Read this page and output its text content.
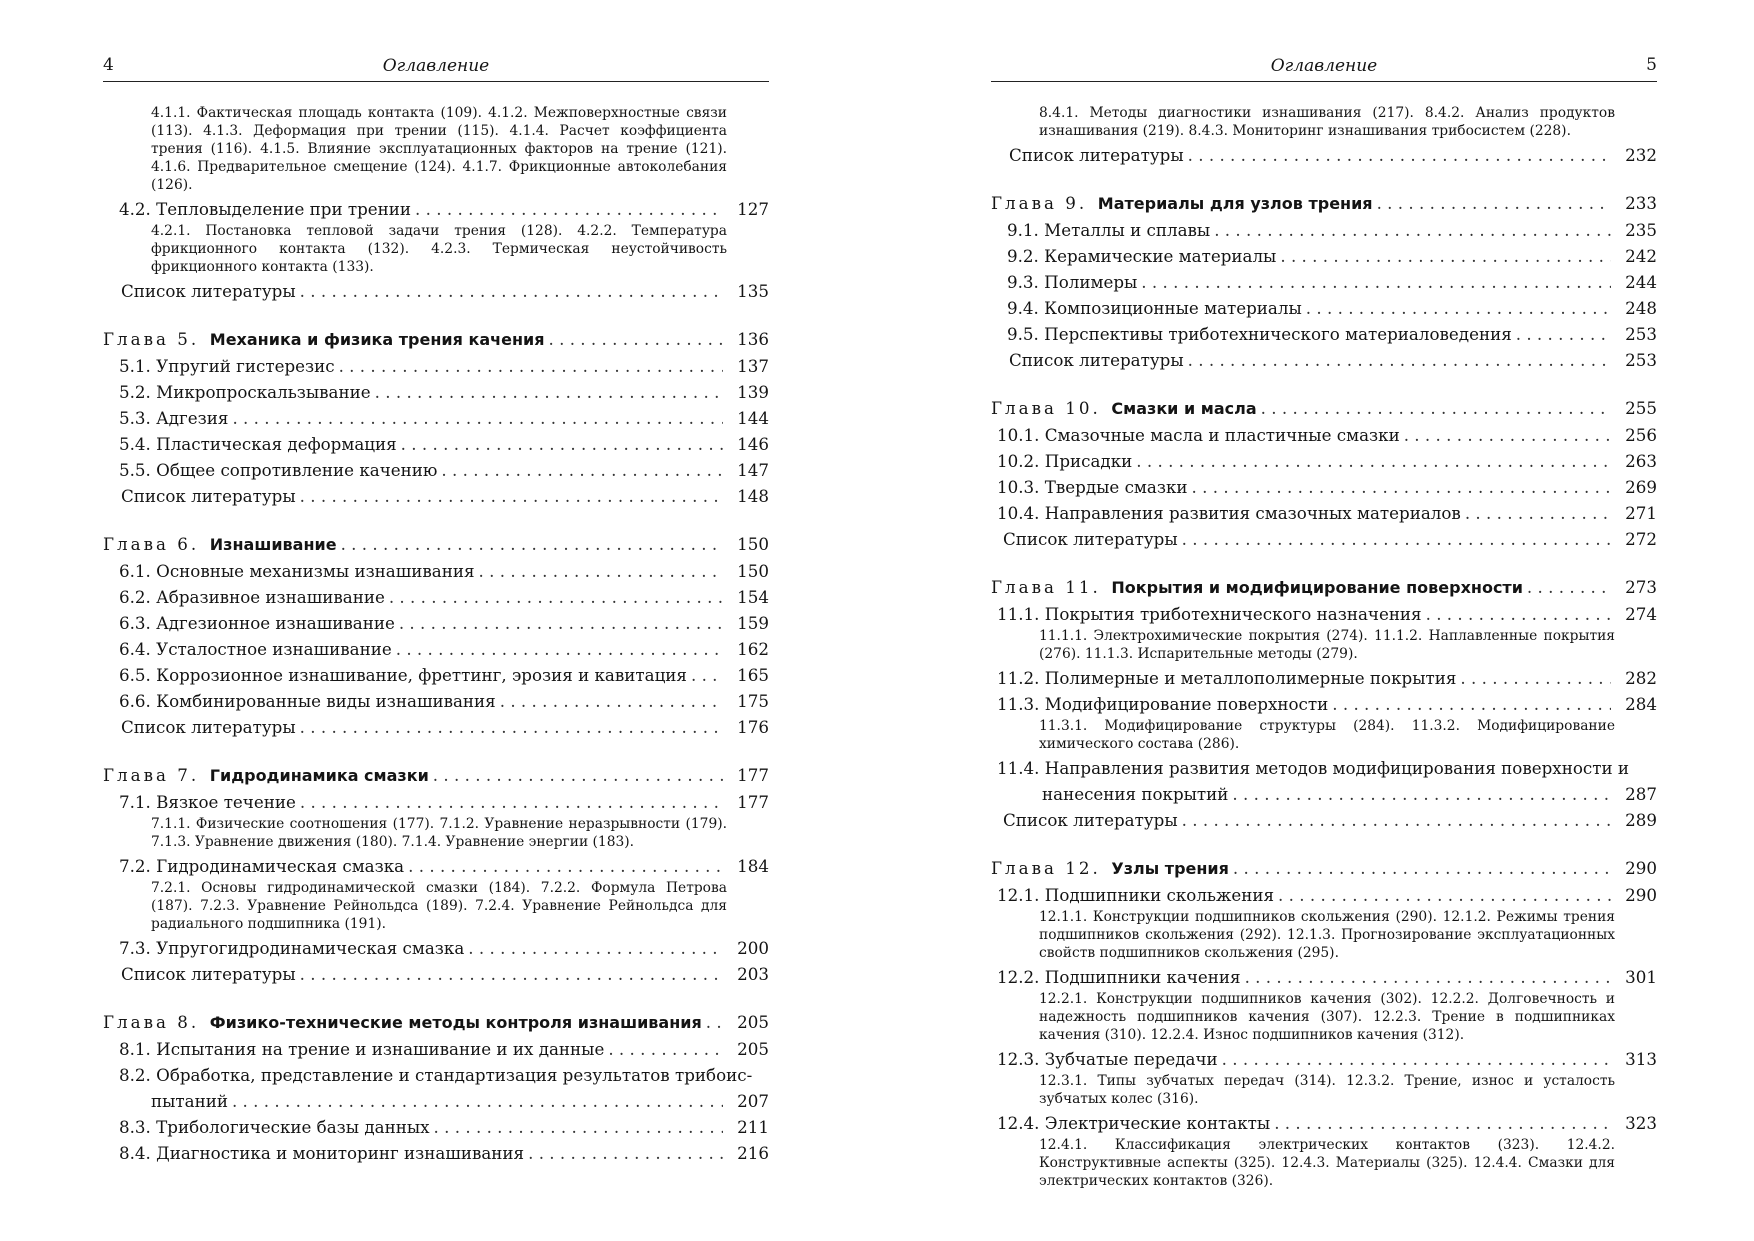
4	Оглавление
4.1.1. Фактическая площадь контакта (109). 4.1.2. Межповерхностные связи (113). 4.1.3. Деформация при трении (115). 4.1.4. Расчет коэффициента трения (116). 4.1.5. Влияние эксплуатационных факторов на трение (121). 4.1.6. Предварительное смещение (124). 4.1.7. Фрикционные автоколебания (126).
4.2. Тепловыделение при трении . . .	127
4.2.1. Постановка тепловой задачи трения (128). 4.2.2. Температура фрикционного контакта (132). 4.2.3. Термическая неустойчивость фрикционного контакта (133).
Список литературы . . .	135
Глава 5. Механика и физика трения качения . . .	136
5.1. Упругий гистерезис . . .	137
5.2. Микропроскальзывание . . .	139
5.3. Адгезия . . .	144
5.4. Пластическая деформация . . .	146
5.5. Общее сопротивление качению . . .	147
Список литературы . . .	148
Глава 6. Изнашивание . . .	150
6.1. Основные механизмы изнашивания . . .	150
6.2. Абразивное изнашивание . . .	154
6.3. Адгезионное изнашивание . . .	159
6.4. Усталостное изнашивание . . .	162
6.5. Коррозионное изнашивание, фреттинг, эрозия и кавитация . . .	165
6.6. Комбинированные виды изнашивания . . .	175
Список литературы . . .	176
Глава 7. Гидродинамика смазки . . .	177
7.1. Вязкое течение . . .	177
7.1.1. Физические соотношения (177). 7.1.2. Уравнение неразрывности (179). 7.1.3. Уравнение движения (180). 7.1.4. Уравнение энергии (183).
7.2. Гидродинамическая смазка . . .	184
7.2.1. Основы гидродинамической смазки (184). 7.2.2. Формула Петрова (187). 7.2.3. Уравнение Рейнольдса (189). 7.2.4. Уравнение Рейнольдса для радиального подшипника (191).
7.3. Упругогидродинамическая смазка . . .	200
Список литературы . . .	203
Глава 8. Физико-технические методы контроля изнашивания . . .	205
8.1. Испытания на трение и изнашивание и их данные . . .	205
8.2. Обработка, представление и стандартизация результатов трибоис-
пытаний . . .	207
8.3. Трибологические базы данных . . .	211
8.4. Диагностика и мониторинг изнашивания . . .	216
Оглавление	5
8.4.1. Методы диагностики изнашивания (217). 8.4.2. Анализ продуктов изнашивания (219). 8.4.3. Мониторинг изнашивания трибосистем (228).
Список литературы . . .	232
Глава 9. Материалы для узлов трения . . .	233
9.1. Металлы и сплавы . . .	235
9.2. Керамические материалы . . .	242
9.3. Полимеры . . .	244
9.4. Композиционные материалы . . .	248
9.5. Перспективы триботехнического материаловедения . . .	253
Список литературы . . .	253
Глава 10. Смазки и масла . . .	255
10.1. Смазочные масла и пластичные смазки . . .	256
10.2. Присадки . . .	263
10.3. Твердые смазки . . .	269
10.4. Направления развития смазочных материалов . . .	271
Список литературы . . .	272
Глава 11. Покрытия и модифицирование поверхности . . .	273
11.1. Покрытия триботехнического назначения . . .	274
11.1.1. Электрохимические покрытия (274). 11.1.2. Наплавленные покрытия (276). 11.1.3. Испарительные методы (279).
11.2. Полимерные и металлополимерные покрытия . . .	282
11.3. Модифицирование поверхности . . .	284
11.3.1. Модифицирование структуры (284). 11.3.2. Модифицирование химического состава (286).
11.4. Направления развития методов модифицирования поверхности и
нанесения покрытий . . .	287
Список литературы . . .	289
Глава 12. Узлы трения . . .	290
12.1. Подшипники скольжения . . .	290
12.1.1. Конструкции подшипников скольжения (290). 12.1.2. Режимы трения подшипников скольжения (292). 12.1.3. Прогнозирование эксплуатационных свойств подшипников скольжения (295).
12.2. Подшипники качения . . .	301
12.2.1. Конструкции подшипников качения (302). 12.2.2. Долговечность и надежность подшипников качения (307). 12.2.3. Трение в подшипниках качения (310). 12.2.4. Износ подшипников качения (312).
12.3. Зубчатые передачи . . .	313
12.3.1. Типы зубчатых передач (314). 12.3.2. Трение, износ и усталость зубчатых колес (316).
12.4. Электрические контакты . . .	323
12.4.1. Классификация электрических контактов (323). 12.4.2. Конструктивные аспекты (325). 12.4.3. Материалы (325). 12.4.4. Смазки для электрических контактов (326).
